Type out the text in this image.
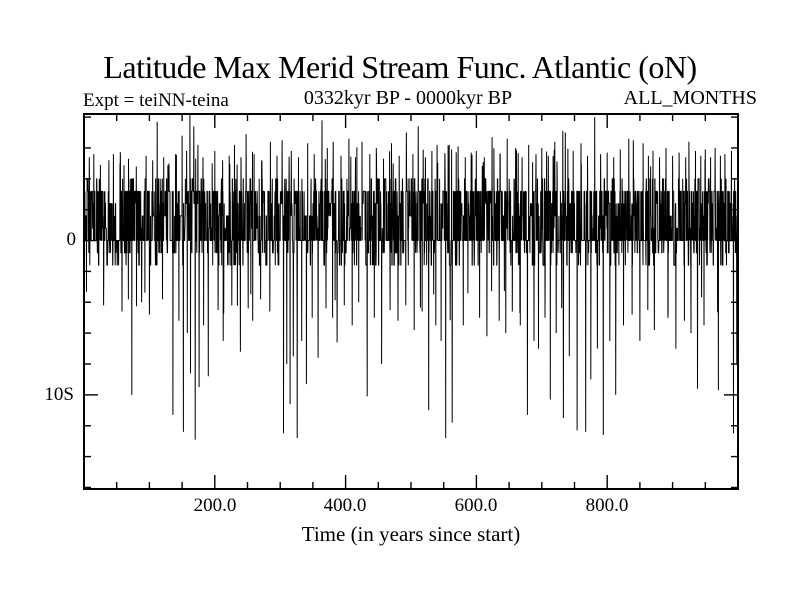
Latitude Max Merid Stream Func. Atlantic (oN)
Expt = teiNN-teina	0332kyr BP - 0000kyr BP	ALL_MONTHS
0
10S
200.0	400.0	600.0	800.0
Time (in years since start)
